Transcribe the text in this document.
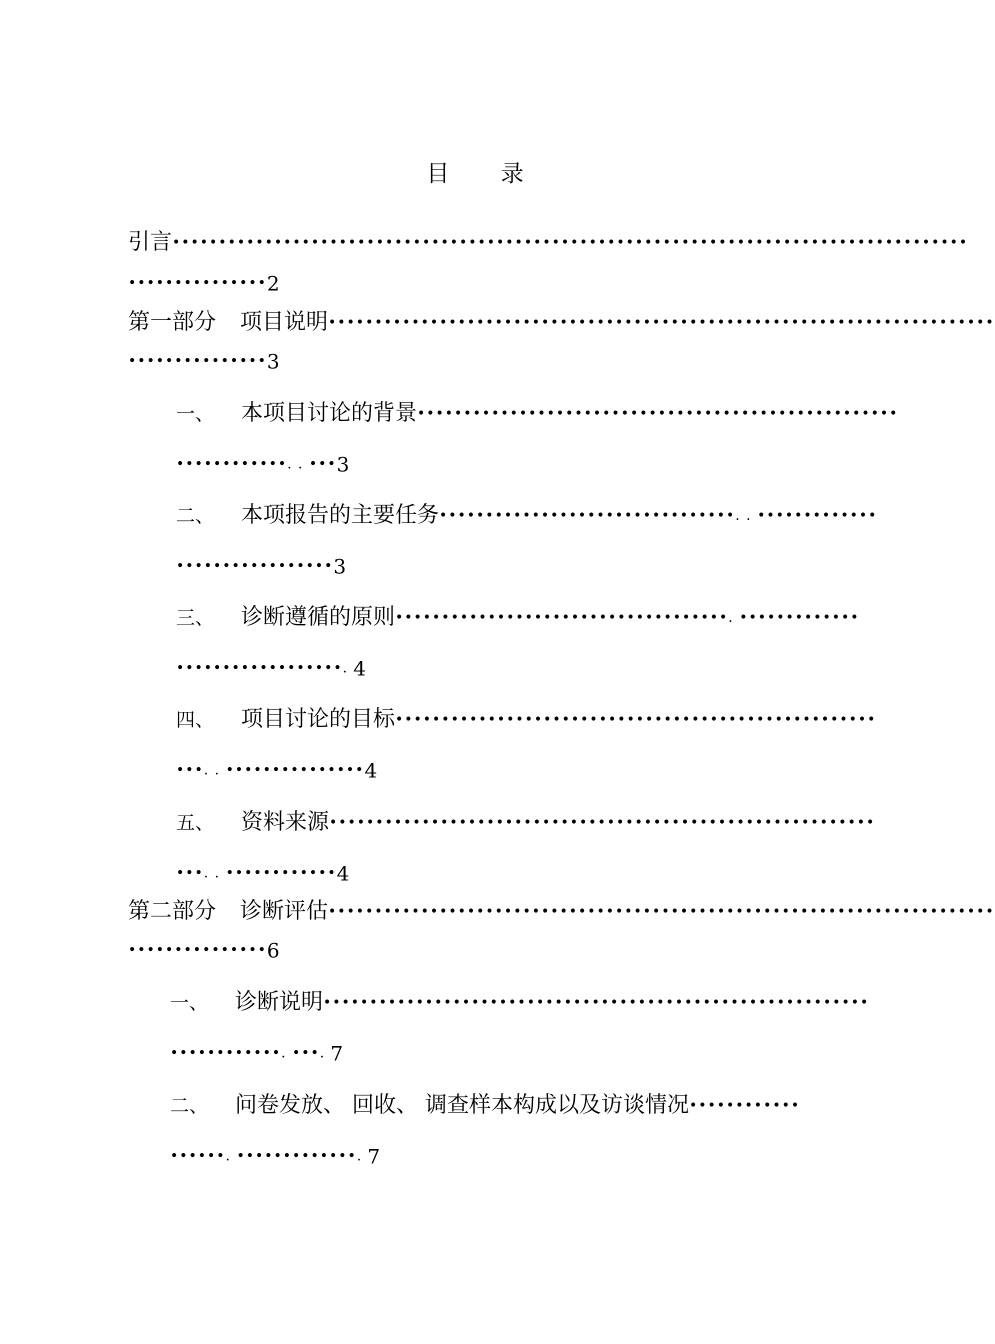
目 录
引言••••••••••••••••••••••••••••••••••••••••••••••••••••••••••••••••••••••••••••••••••••••
•••••••••••••••2
第一部分 项目说明••••••••••••••••••••••••••••••••••••••••••••••••••••••••••••••••••••••••
•••••••••••••••3
一、 本项目讨论的背景••••••••••••••••••••••••••••••••••••••••••••••••••••
••••••••••••. . •••3
二、 本项报告的主要任务••••••••••••••••••••••••••••••••. . •••••••••••••
•••••••••••••••••3
三、 诊断遵循的原则••••••••••••••••••••••••••••••••••••. •••••••••••••
••••••••••••••••••. 4
四、 项目讨论的目标••••••••••••••••••••••••••••••••••••••••••••••••••••
•••. . •••••••••••••••4
五、 资料来源•••••••••••••••••••••••••••••••••••••••••••••••••••••••••••
•••. . ••••••••••••4
第二部分 诊断评估••••••••••••••••••••••••••••••••••••••••••••••••••••••••••••••••••••••••
•••••••••••••••6
一、 诊断说明•••••••••••••••••••••••••••••••••••••••••••••••••••••••••••
••••••••••••. •••. 7
二、 问卷发放、 回收、 调查样本构成以及访谈情况••••••••••••
••••••. •••••••••••••. 7
